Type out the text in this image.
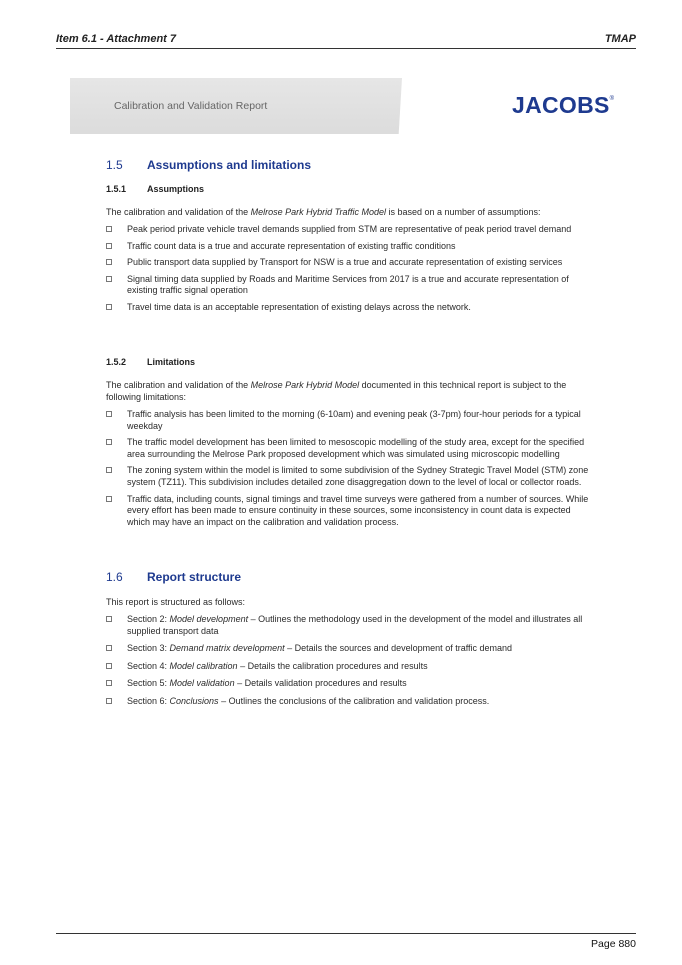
Item 6.1 - Attachment 7	TMAP
Calibration and Validation Report	JACOBS®
1.5 Assumptions and limitations
1.5.1 Assumptions
The calibration and validation of the Melrose Park Hybrid Traffic Model is based on a number of assumptions:
Peak period private vehicle travel demands supplied from STM are representative of peak period travel demand
Traffic count data is a true and accurate representation of existing traffic conditions
Public transport data supplied by Transport for NSW is a true and accurate representation of existing services
Signal timing data supplied by Roads and Maritime Services from 2017 is a true and accurate representation of existing traffic signal operation
Travel time data is an acceptable representation of existing delays across the network.
1.5.2 Limitations
The calibration and validation of the Melrose Park Hybrid Model documented in this technical report is subject to the following limitations:
Traffic analysis has been limited to the morning (6-10am) and evening peak (3-7pm) four-hour periods for a typical weekday
The traffic model development has been limited to mesoscopic modelling of the study area, except for the specified area surrounding the Melrose Park proposed development which was simulated using microscopic modelling
The zoning system within the model is limited to some subdivision of the Sydney Strategic Travel Model (STM) zone system (TZ11). This subdivision includes detailed zone disaggregation down to the level of local or collector roads.
Traffic data, including counts, signal timings and travel time surveys were gathered from a number of sources. While every effort has been made to ensure continuity in these sources, some inconsistency in count data is expected which may have an impact on the calibration and validation process.
1.6 Report structure
This report is structured as follows:
Section 2: Model development – Outlines the methodology used in the development of the model and illustrates all supplied transport data
Section 3: Demand matrix development – Details the sources and development of traffic demand
Section 4: Model calibration – Details the calibration procedures and results
Section 5: Model validation – Details validation procedures and results
Section 6: Conclusions – Outlines the conclusions of the calibration and validation process.
Page 880
